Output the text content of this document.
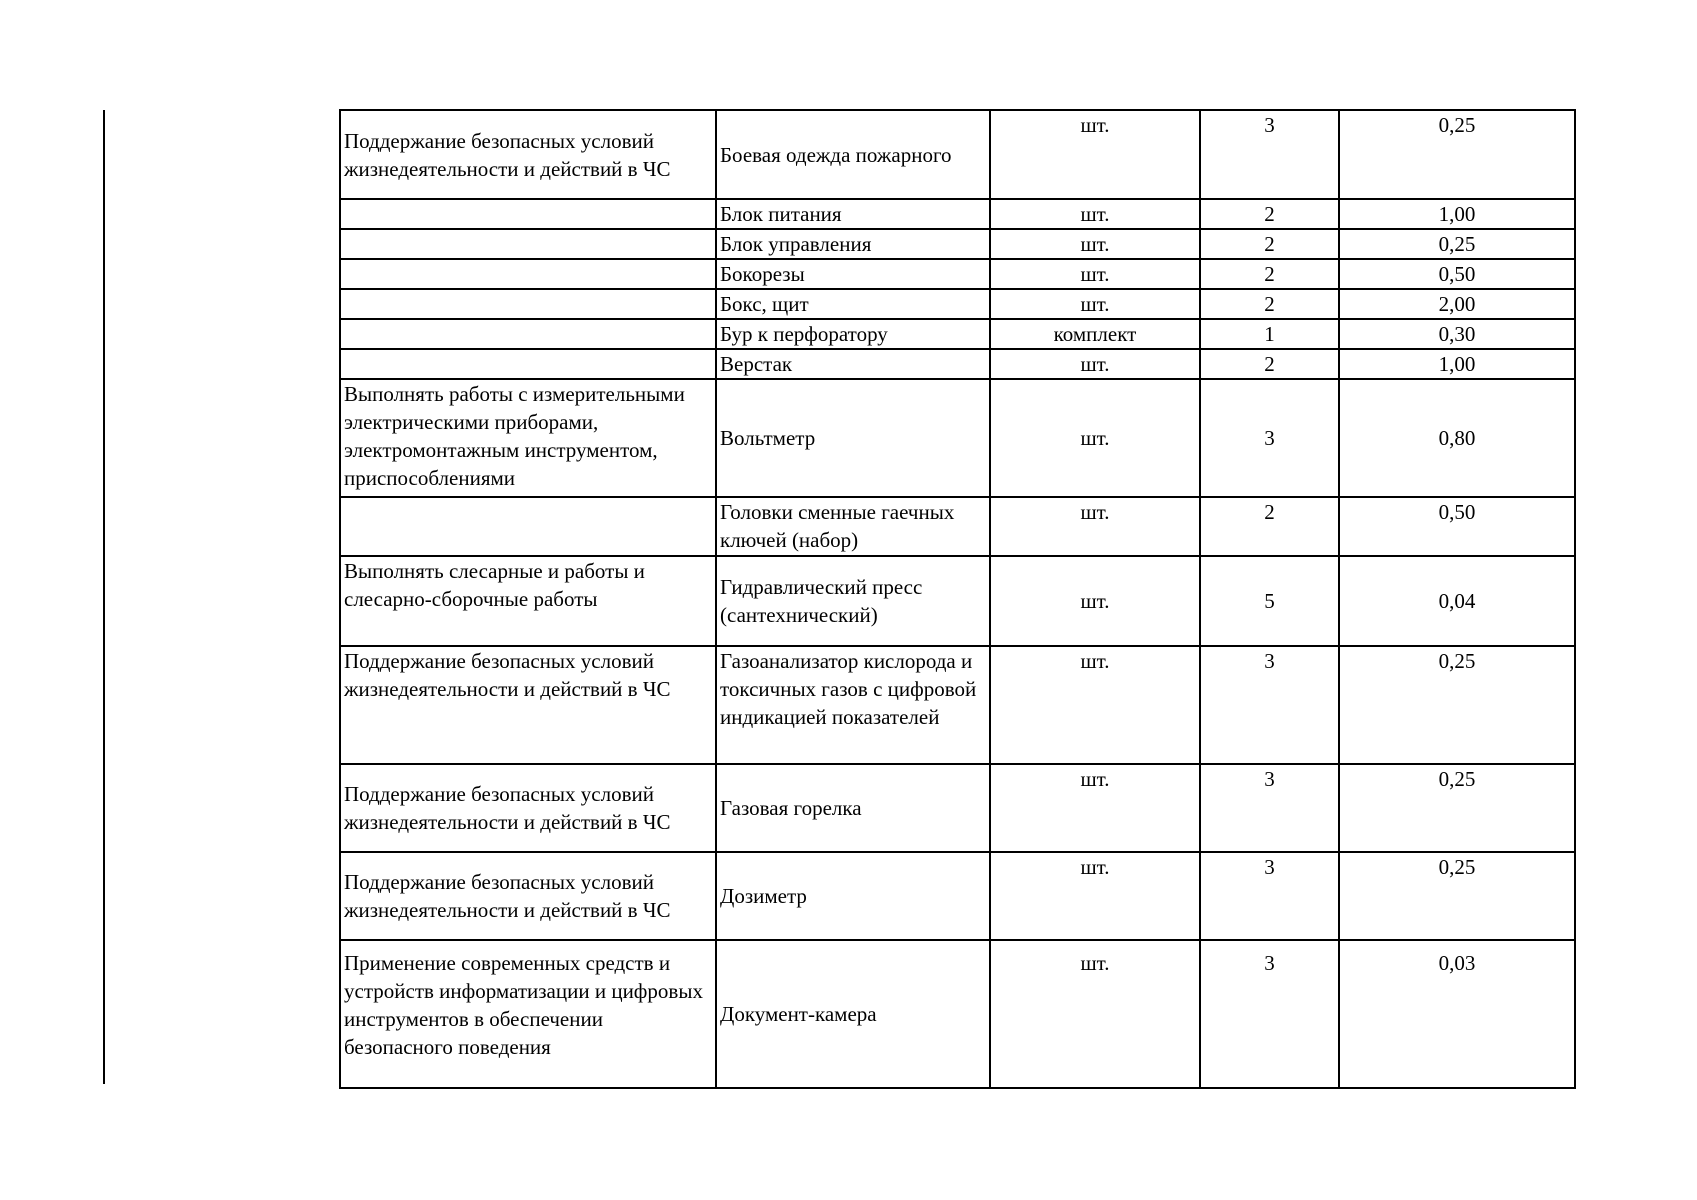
Поддержание безопасных условий жизнедеятельности и действий в ЧС	Боевая одежда пожарного	шт.	3	0,25
	Блок питания	шт.	2	1,00
	Блок управления	шт.	2	0,25
	Бокорезы	шт.	2	0,50
	Бокс, щит	шт.	2	2,00
	Бур к перфоратору	комплект	1	0,30
	Верстак	шт.	2	1,00
Выполнять работы с измерительными электрическими приборами, электромонтажным инструментом, приспособлениями	Вольтметр	шт.	3	0,80
	Головки сменные гаечных ключей (набор)	шт.	2	0,50
Выполнять слесарные и работы и слесарно-сборочные работы	Гидравлический пресс (сантехнический)	шт.	5	0,04
Поддержание безопасных условий жизнедеятельности и действий в ЧС	Газоанализатор кислорода и токсичных газов с цифровой индикацией показателей	шт.	3	0,25
Поддержание безопасных условий жизнедеятельности и действий в ЧС	Газовая горелка	шт.	3	0,25
Поддержание безопасных условий жизнедеятельности и действий в ЧС	Дозиметр	шт.	3	0,25
Применение современных средств и устройств информатизации и цифровых инструментов в обеспечении безопасного поведения	Документ-камера	шт.	3	0,03
